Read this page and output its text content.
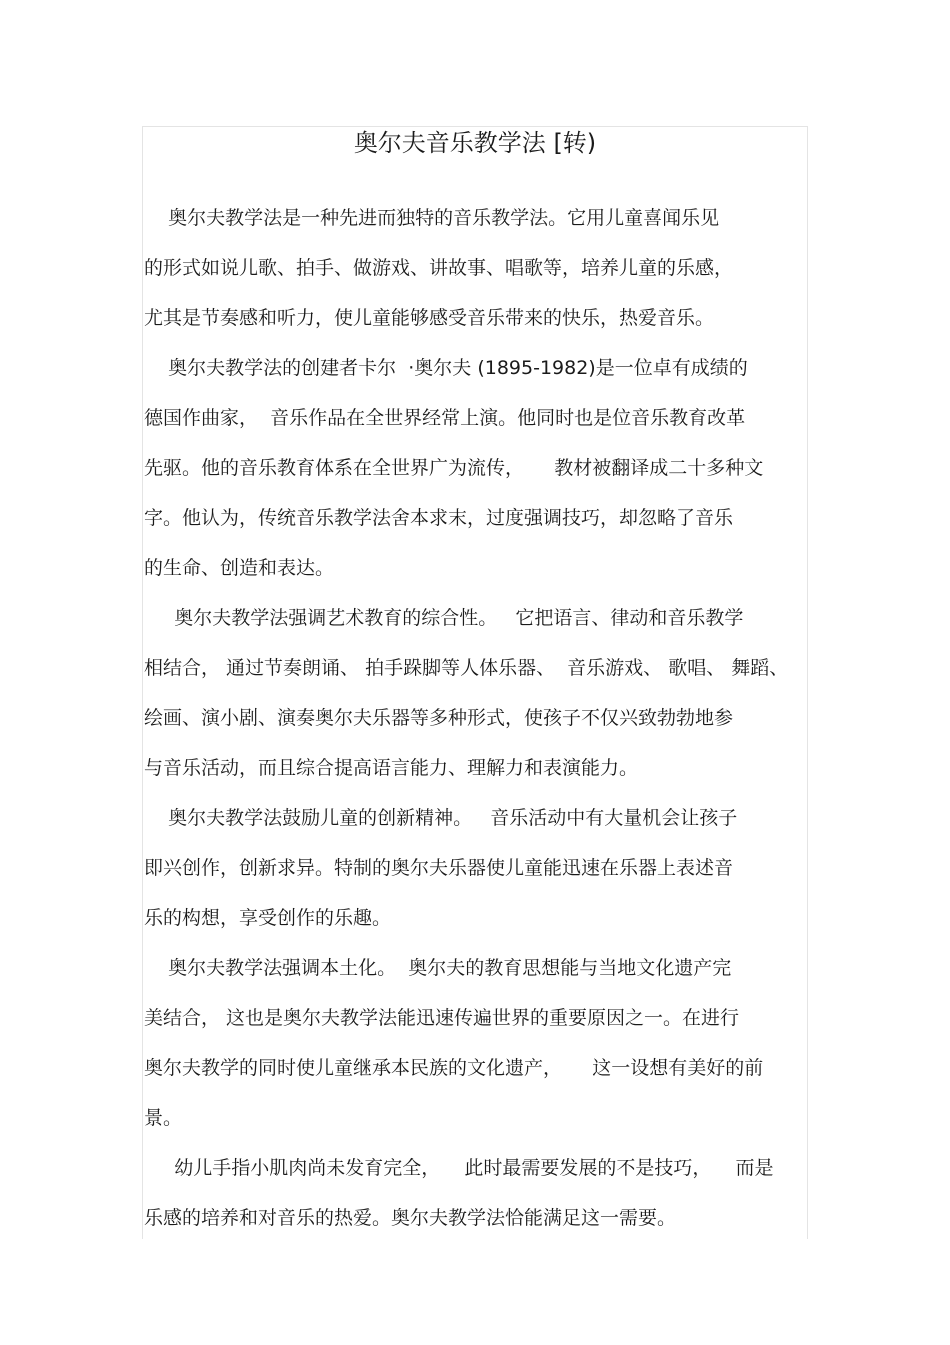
奥尔夫音乐教学法 [转)
奥尔夫教学法是一种先进而独特的音乐教学法。它用儿童喜闻乐见
的形式如说儿歌、拍手、做游戏、讲故事、唱歌等，培养儿童的乐感，
尤其是节奏感和听力，使儿童能够感受音乐带来的快乐，热爱音乐。
奥尔夫教学法的创建者卡尔  ·奥尔夫 (1895-1982)是一位卓有成绩的
德国作曲家，  音乐作品在全世界经常上演。他同时也是位音乐教育改革
先驱。他的音乐教育体系在全世界广为流传，     教材被翻译成二十多种文
字。他认为，传统音乐教学法舍本求末，过度强调技巧，却忽略了音乐
的生命、创造和表达。
奥尔夫教学法强调艺术教育的综合性。   它把语言、律动和音乐教学
相结合， 通过节奏朗诵、 拍手跺脚等人体乐器、  音乐游戏、 歌唱、 舞蹈、
绘画、演小剧、演奏奥尔夫乐器等多种形式，使孩子不仅兴致勃勃地参
与音乐活动，而且综合提高语言能力、理解力和表演能力。
奥尔夫教学法鼓励儿童的创新精神。   音乐活动中有大量机会让孩子
即兴创作，创新求异。特制的奥尔夫乐器使儿童能迅速在乐器上表述音
乐的构想，享受创作的乐趣。
奥尔夫教学法强调本土化。  奥尔夫的教育思想能与当地文化遗产完
美结合， 这也是奥尔夫教学法能迅速传遍世界的重要原因之一。在进行
奥尔夫教学的同时使儿童继承本民族的文化遗产，     这一设想有美好的前
景。
幼儿手指小肌肉尚未发育完全，    此时最需要发展的不是技巧，    而是
乐感的培养和对音乐的热爱。奥尔夫教学法恰能满足这一需要。
